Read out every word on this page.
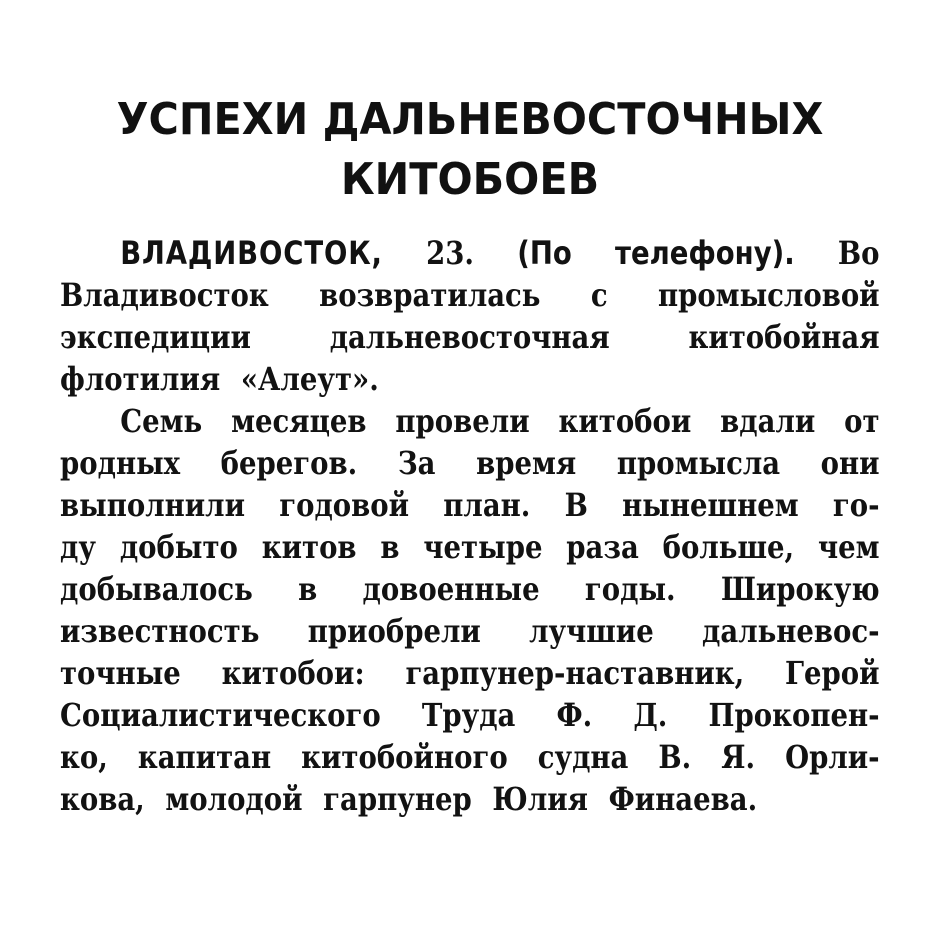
УСПЕХИ ДАЛЬНЕВОСТОЧНЫХ
КИТОБОЕВ
ВЛАДИВОСТОК, 23. (По телефону). Во
Владивосток возвратилась с промысловой
экспедиции дальневосточная китобойная
флотилия «Алеут».
Семь месяцев провели китобои вдали от
родных берегов. За время промысла они
выполнили годовой план. В нынешнем го-
ду добыто китов в четыре раза больше, чем
добывалось в довоенные годы. Широкую
известность приобрели лучшие дальневос-
точные китобои: гарпунер-наставник, Герой
Социалистического Труда Ф. Д. Прокопен-
ко, капитан китобойного судна В. Я. Орли-
кова, молодой гарпунер Юлия Финаева.
